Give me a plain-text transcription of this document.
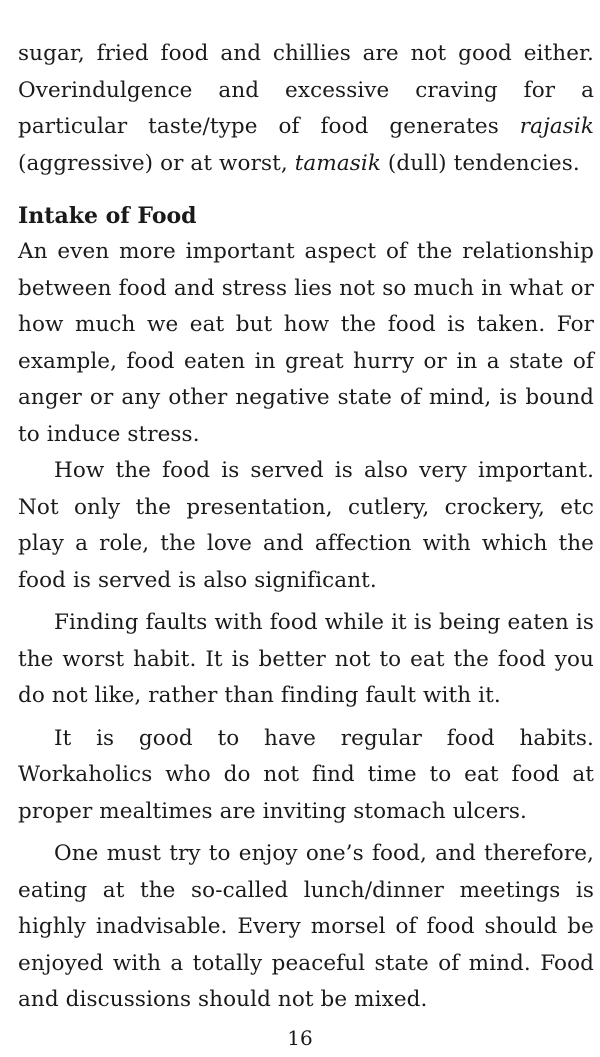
sugar, fried food and chillies are not good either. Overindulgence and excessive craving for a particular taste/type of food generates rajasik (aggressive) or at worst, tamasik (dull) tendencies.

Intake of Food

An even more important aspect of the relationship between food and stress lies not so much in what or how much we eat but how the food is taken. For example, food eaten in great hurry or in a state of anger or any other negative state of mind, is bound to induce stress.

How the food is served is also very important. Not only the presentation, cutlery, crockery, etc play a role, the love and affection with which the food is served is also significant.

Finding faults with food while it is being eaten is the worst habit. It is better not to eat the food you do not like, rather than finding fault with it.

It is good to have regular food habits. Workaholics who do not find time to eat food at proper mealtimes are inviting stomach ulcers.

One must try to enjoy one’s food, and therefore, eating at the so-called lunch/dinner meetings is highly inadvisable. Every morsel of food should be enjoyed with a totally peaceful state of mind. Food and discussions should not be mixed.

16
